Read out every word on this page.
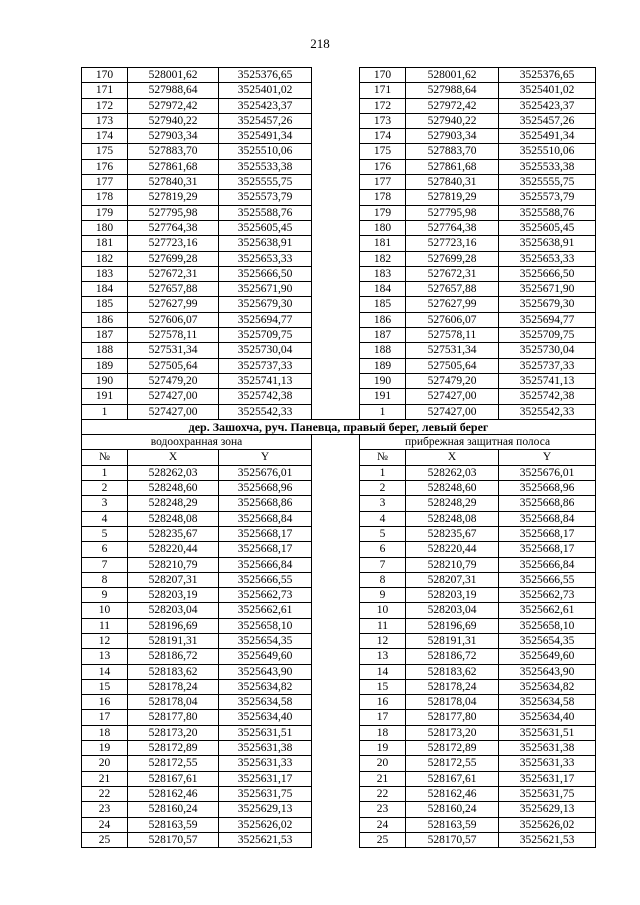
218
170	528001,62	3525376,65		170	528001,62	3525376,65
171	527988,64	3525401,02		171	527988,64	3525401,02
172	527972,42	3525423,37		172	527972,42	3525423,37
173	527940,22	3525457,26		173	527940,22	3525457,26
174	527903,34	3525491,34		174	527903,34	3525491,34
175	527883,70	3525510,06		175	527883,70	3525510,06
176	527861,68	3525533,38		176	527861,68	3525533,38
177	527840,31	3525555,75		177	527840,31	3525555,75
178	527819,29	3525573,79		178	527819,29	3525573,79
179	527795,98	3525588,76		179	527795,98	3525588,76
180	527764,38	3525605,45		180	527764,38	3525605,45
181	527723,16	3525638,91		181	527723,16	3525638,91
182	527699,28	3525653,33		182	527699,28	3525653,33
183	527672,31	3525666,50		183	527672,31	3525666,50
184	527657,88	3525671,90		184	527657,88	3525671,90
185	527627,99	3525679,30		185	527627,99	3525679,30
186	527606,07	3525694,77		186	527606,07	3525694,77
187	527578,11	3525709,75		187	527578,11	3525709,75
188	527531,34	3525730,04		188	527531,34	3525730,04
189	527505,64	3525737,33		189	527505,64	3525737,33
190	527479,20	3525741,13		190	527479,20	3525741,13
191	527427,00	3525742,38		191	527427,00	3525742,38
1	527427,00	3525542,33		1	527427,00	3525542,33
дер. Зашохча, руч. Паневца, правый берег, левый берег						
водоохранная зона				прибрежная защитная полоса		
№	X	Y		№	X	Y
1	528262,03	3525676,01		1	528262,03	3525676,01
2	528248,60	3525668,96		2	528248,60	3525668,96
3	528248,29	3525668,86		3	528248,29	3525668,86
4	528248,08	3525668,84		4	528248,08	3525668,84
5	528235,67	3525668,17		5	528235,67	3525668,17
6	528220,44	3525668,17		6	528220,44	3525668,17
7	528210,79	3525666,84		7	528210,79	3525666,84
8	528207,31	3525666,55		8	528207,31	3525666,55
9	528203,19	3525662,73		9	528203,19	3525662,73
10	528203,04	3525662,61		10	528203,04	3525662,61
11	528196,69	3525658,10		11	528196,69	3525658,10
12	528191,31	3525654,35		12	528191,31	3525654,35
13	528186,72	3525649,60		13	528186,72	3525649,60
14	528183,62	3525643,90		14	528183,62	3525643,90
15	528178,24	3525634,82		15	528178,24	3525634,82
16	528178,04	3525634,58		16	528178,04	3525634,58
17	528177,80	3525634,40		17	528177,80	3525634,40
18	528173,20	3525631,51		18	528173,20	3525631,51
19	528172,89	3525631,38		19	528172,89	3525631,38
20	528172,55	3525631,33		20	528172,55	3525631,33
21	528167,61	3525631,17		21	528167,61	3525631,17
22	528162,46	3525631,75		22	528162,46	3525631,75
23	528160,24	3525629,13		23	528160,24	3525629,13
24	528163,59	3525626,02		24	528163,59	3525626,02
25	528170,57	3525621,53		25	528170,57	3525621,53
